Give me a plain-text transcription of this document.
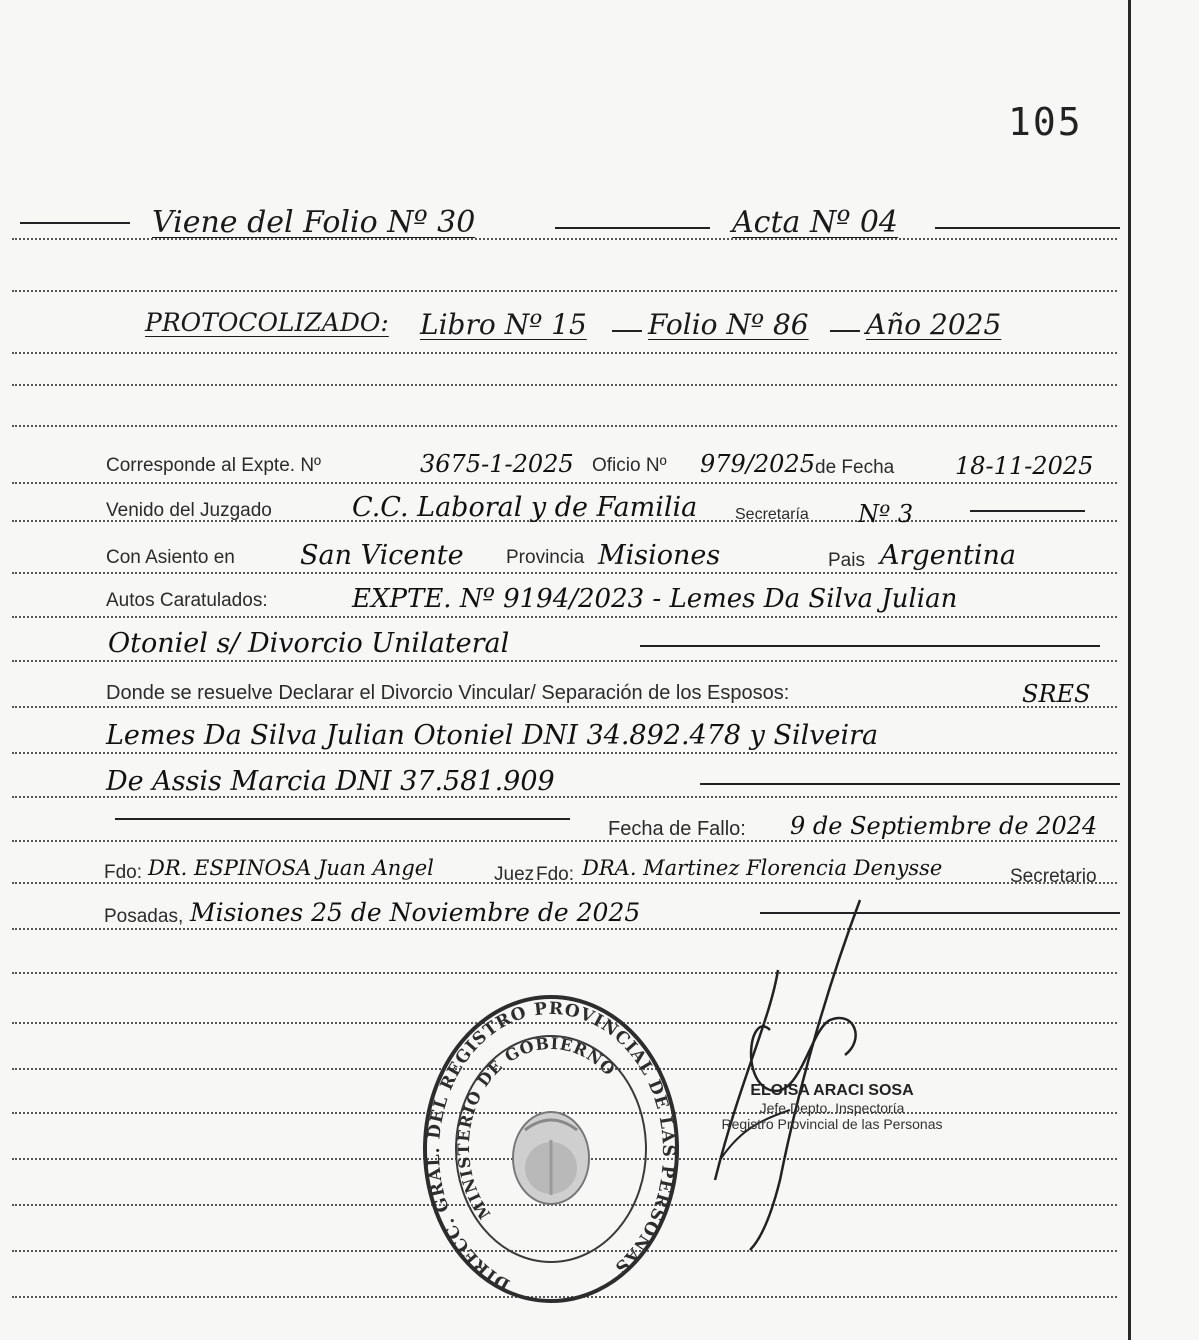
105
Viene del Folio Nº 30	Acta Nº 04
PROTOCOLIZADO: Libro Nº 15 Folio Nº 86 Año 2025
Corresponde al Expte. Nº	3675-1-2025 Oficio Nº 979/2025 de Fecha	18-11-2025
Venido del Juzgado	C.C. Laboral y de Familia Secretaría Nº 3
Con Asiento en San Vicente Provincia Misiones	Pais Argentina
Autos Caratulados:	EXPTE. Nº 9194/2023 - Lemes Da Silva Julian
Otoniel s/ Divorcio Unilateral
Donde se resuelve Declarar el Divorcio Vincular/ Separación de los Esposos:	SRES
Lemes Da Silva Julian Otoniel DNI 34.892.478 y Silveira
De Assis Marcia DNI 37.581.909
Fecha de Fallo: 9 de Septiembre de 2024
Fdo: DR. ESPINOSA Juan Angel	Juez Fdo: DRA. Martinez Florencia Denysse	Secretario
Posadas, Misiones 25 de Noviembre de 2025
DIRECC. GRAL. DEL REGISTRO PROVINCIAL DE LAS PERSONAS
MINISTERIO DE GOBIERNO
ELOISA ARACI SOSA
Jefe Depto. Inspectoría
Registro Provincial de las Personas
